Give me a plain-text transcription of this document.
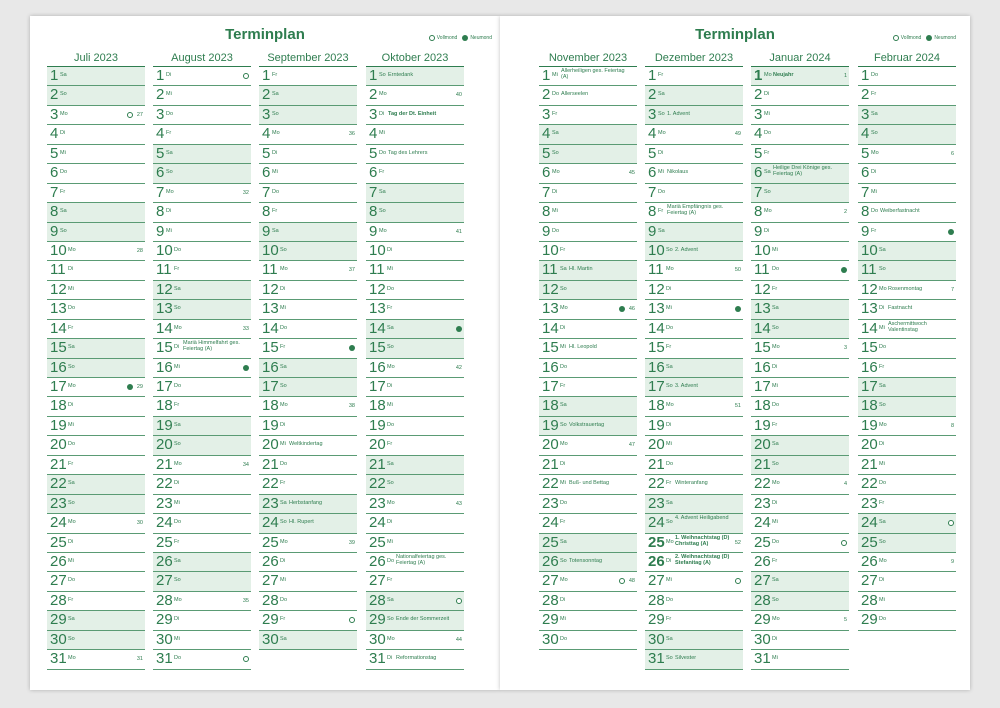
Terminplan	Vollmond	Neumond
Juli 2023
1 Sa
2 So
3 Mo	27
4 Di
5 Mi
6 Do
7 Fr
8 Sa
9 So
10 Mo	28
11 Di
12 Mi
13 Do
14 Fr
15 Sa
16 So
17 Mo	29
18 Di
19 Mi
20 Do
21 Fr
22 Sa
23 So
24 Mo	30
25 Di
26 Mi
27 Do
28 Fr
29 Sa
30 So
31 Mo	31
August 2023
1 Di
2 Mi
3 Do
4 Fr
5 Sa
6 So
7 Mo	32
8 Di
9 Mi
10 Do
11 Fr
12 Sa
13 So
14 Mo	33
15 Di
Mariä Himmelfahrt ges. Feiertag (A)
16 Mi
17 Do
18 Fr
19 Sa
20 So
21 Mo	34
22 Di
23 Mi
24 Do
25 Fr
26 Sa
27 So
28 Mo	35
29 Di
30 Mi
31 Do
September 2023
1 Fr
2 Sa
3 So
4 Mo	36
5 Di
6 Mi
7 Do
8 Fr
9 Sa
10 So
11 Mo	37
12 Di
13 Mi
14 Do
15 Fr
16 Sa
17 So
18 Mo	38
19 Di
20 Mi Weltkindertag
21 Do
22 Fr
23 Sa Herbstanfang
24 So Hl. Rupert
25 Mo	39
26 Di
27 Mi
28 Do
29 Fr
30 Sa
Oktober 2023
1 So Erntedank
2 Mo	40
3 Di Tag der Dt. Einheit
4 Mi
5 Do Tag des Lehrers
6 Fr
7 Sa
8 So
9 Mo	41
10 Di
11 Mi
12 Do
13 Fr
14 Sa
15 So
16 Mo	42
17 Di
18 Mi
19 Do
20 Fr
21 Sa
22 So
23 Mo	43
24 Di
25 Mi
26 Do
Nationalfeiertag ges. Feiertag (A)
27 Fr
28 Sa
29 So Ende der Sommerzeit
30 Mo	44
31 Di Reformationstag
Terminplan	Vollmond	Neumond
November 2023
1 Mi
Allerheiligen ges. Feiertag (A)
2 Do Allerseelen
3 Fr
4 Sa
5 So
6 Mo	45
7 Di
8 Mi
9 Do
10 Fr
11 Sa Hl. Martin
12 So
13 Mo	46
14 Di
15 Mi Hl. Leopold
16 Do
17 Fr
18 Sa
19 So Volkstrauertag
20 Mo	47
21 Di
22 Mi Buß- und Bettag
23 Do
24 Fr
25 Sa
26 So Totensonntag
27 Mo	48
28 Di
29 Mi
30 Do
Dezember 2023
1 Fr
2 Sa
3 So 1. Advent
4 Mo	49
5 Di
6 Mi Nikolaus
7 Do
8 Fr
Mariä Empfängnis ges. Feiertag (A)
9 Sa
10 So 2. Advent
11 Mo	50
12 Di
13 Mi
14 Do
15 Fr
16 Sa
17 So 3. Advent
18 Mo	51
19 Di
20 Mi
21 Do
22 Fr Winteranfang
23 Sa
24 So
4. Advent Heiligabend
25 Mo
1. Weihnachtstag (D) Christtag (A)	52
26 Di
2. Weihnachtstag (D) Stefanitag (A)
27 Mi
28 Do
29 Fr
30 Sa
31 So Silvester
Januar 2024
1 Mo Neujahr	1
2 Di
3 Mi
4 Do
5 Fr
6 Sa
Heilige Drei Könige ges. Feiertag (A)
7 So
8 Mo	2
9 Di
10 Mi
11 Do
12 Fr
13 Sa
14 So
15 Mo	3
16 Di
17 Mi
18 Do
19 Fr
20 Sa
21 So
22 Mo	4
23 Di
24 Mi
25 Do
26 Fr
27 Sa
28 So
29 Mo	5
30 Di
31 Mi
Februar 2024
1 Do
2 Fr
3 Sa
4 So
5 Mo	6
6 Di
7 Mi
8 Do Weiberfastnacht
9 Fr
10 Sa
11 So
12 Mo Rosenmontag	7
13 Di Fastnacht
14 Mi
Aschermittwoch Valentinstag
15 Do
16 Fr
17 Sa
18 So
19 Mo	8
20 Di
21 Mi
22 Do
23 Fr
24 Sa
25 So
26 Mo	9
27 Di
28 Mi
29 Do
